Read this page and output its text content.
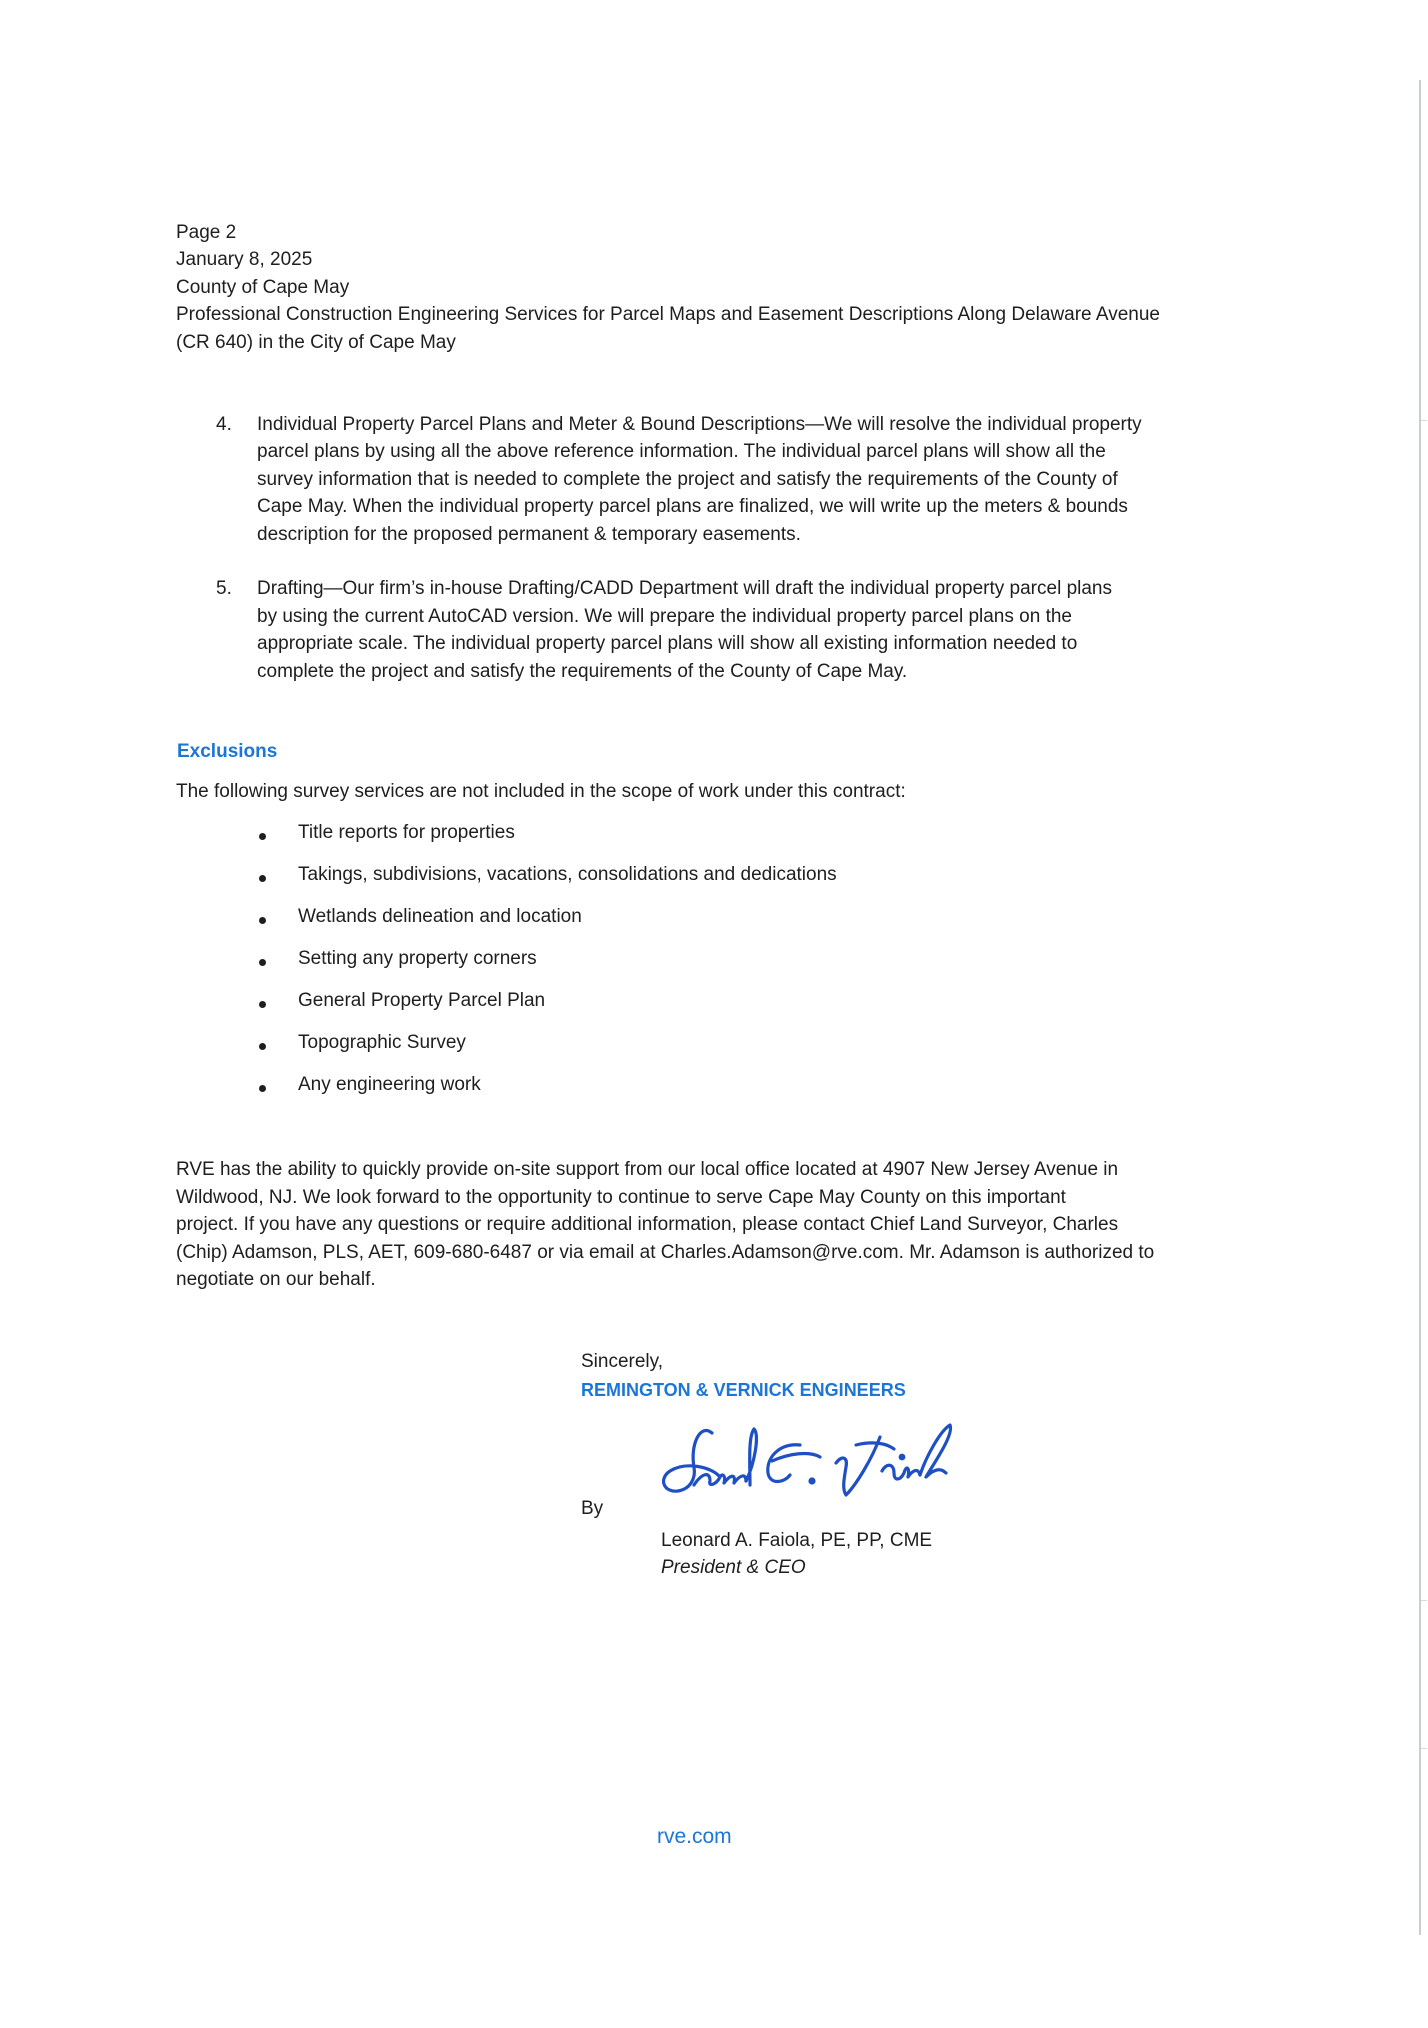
Page 2
January 8, 2025
County of Cape May
Professional Construction Engineering Services for Parcel Maps and Easement Descriptions Along Delaware Avenue
(CR 640) in the City of Cape May
4. Individual Property Parcel Plans and Meter & Bound Descriptions—We will resolve the individual property
parcel plans by using all the above reference information. The individual parcel plans will show all the
survey information that is needed to complete the project and satisfy the requirements of the County of
Cape May. When the individual property parcel plans are finalized, we will write up the meters & bounds
description for the proposed permanent & temporary easements.
5. Drafting—Our firm’s in-house Drafting/CADD Department will draft the individual property parcel plans
by using the current AutoCAD version. We will prepare the individual property parcel plans on the
appropriate scale. The individual property parcel plans will show all existing information needed to
complete the project and satisfy the requirements of the County of Cape May.
Exclusions
The following survey services are not included in the scope of work under this contract:
Title reports for properties
Takings, subdivisions, vacations, consolidations and dedications
Wetlands delineation and location
Setting any property corners
General Property Parcel Plan
Topographic Survey
Any engineering work
RVE has the ability to quickly provide on-site support from our local office located at 4907 New Jersey Avenue in
Wildwood, NJ. We look forward to the opportunity to continue to serve Cape May County on this important
project. If you have any questions or require additional information, please contact Chief Land Surveyor, Charles
(Chip) Adamson, PLS, AET, 609-680-6487 or via email at Charles.Adamson@rve.com. Mr. Adamson is authorized to
negotiate on our behalf.
Sincerely,
REMINGTON & VERNICK ENGINEERS
By
Leonard A. Faiola, PE, PP, CME
President & CEO
rve.com
